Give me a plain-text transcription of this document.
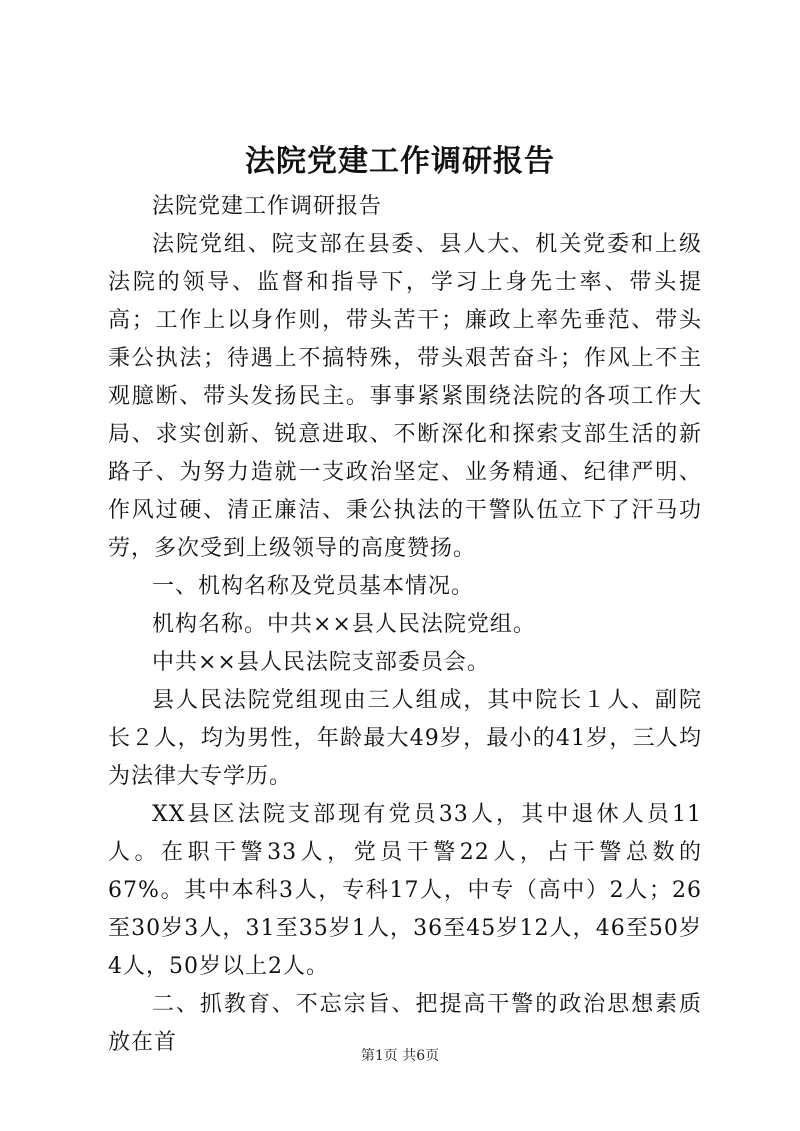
法院党建工作调研报告

法院党建工作调研报告

法院党组、院支部在县委、县人大、机关党委和上级法院的领导、监督和指导下，学习上身先士率、带头提高；工作上以身作则，带头苦干；廉政上率先垂范、带头秉公执法；待遇上不搞特殊，带头艰苦奋斗；作风上不主观臆断、带头发扬民主。事事紧紧围绕法院的各项工作大局、求实创新、锐意进取、不断深化和探索支部生活的新路子、为努力造就一支政治坚定、业务精通、纪律严明、作风过硬、清正廉洁、秉公执法的干警队伍立下了汗马功劳，多次受到上级领导的高度赞扬。

一、机构名称及党员基本情况。

机构名称。中共××县人民法院党组。

中共××县人民法院支部委员会。

县人民法院党组现由三人组成，其中院长１人、副院长２人，均为男性，年龄最大49岁，最小的41岁，三人均为法律大专学历。

XX县区法院支部现有党员33人，其中退休人员11人。在职干警33人，党员干警22人，占干警总数的67%。其中本科3人，专科17人，中专（高中）2人；26至30岁3人，31至35岁1人，36至45岁12人，46至50岁4人，50岁以上2人。

二、抓教育、不忘宗旨、把提高干警的政治思想素质放在首

第1页 共6页
